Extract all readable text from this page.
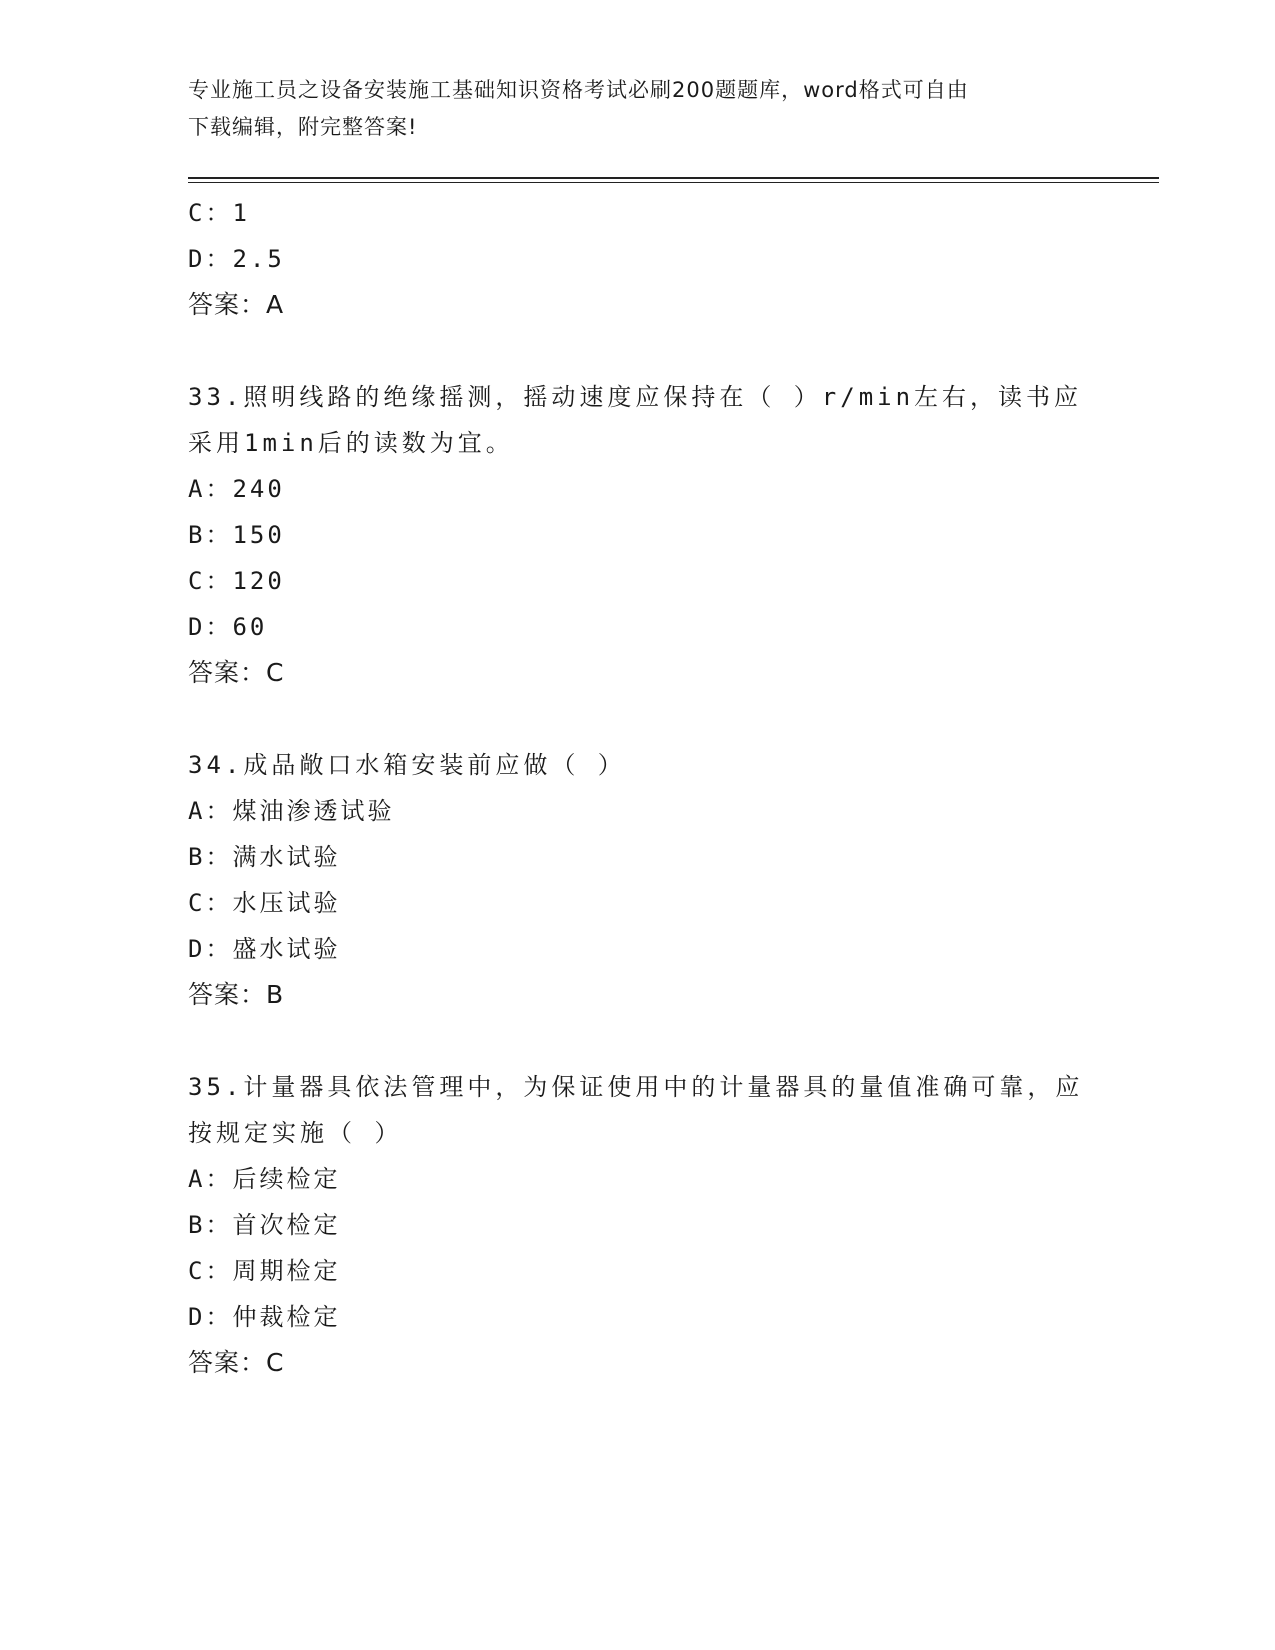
专业施工员之设备安装施工基础知识资格考试必刷200题题库，word格式可自由
下载编辑，附完整答案!
C：1
D：2.5
答案：A
33.照明线路的绝缘摇测，摇动速度应保持在（ ）r/min左右，读书应采用1min后的读数为宜。
A：240
B：150
C：120
D：60
答案：C
34.成品敞口水箱安装前应做（ ）
A：煤油渗透试验
B：满水试验
C：水压试验
D：盛水试验
答案：B
35.计量器具依法管理中，为保证使用中的计量器具的量值准确可靠，应按规定实施（ ）
A：后续检定
B：首次检定
C：周期检定
D：仲裁检定
答案：C
